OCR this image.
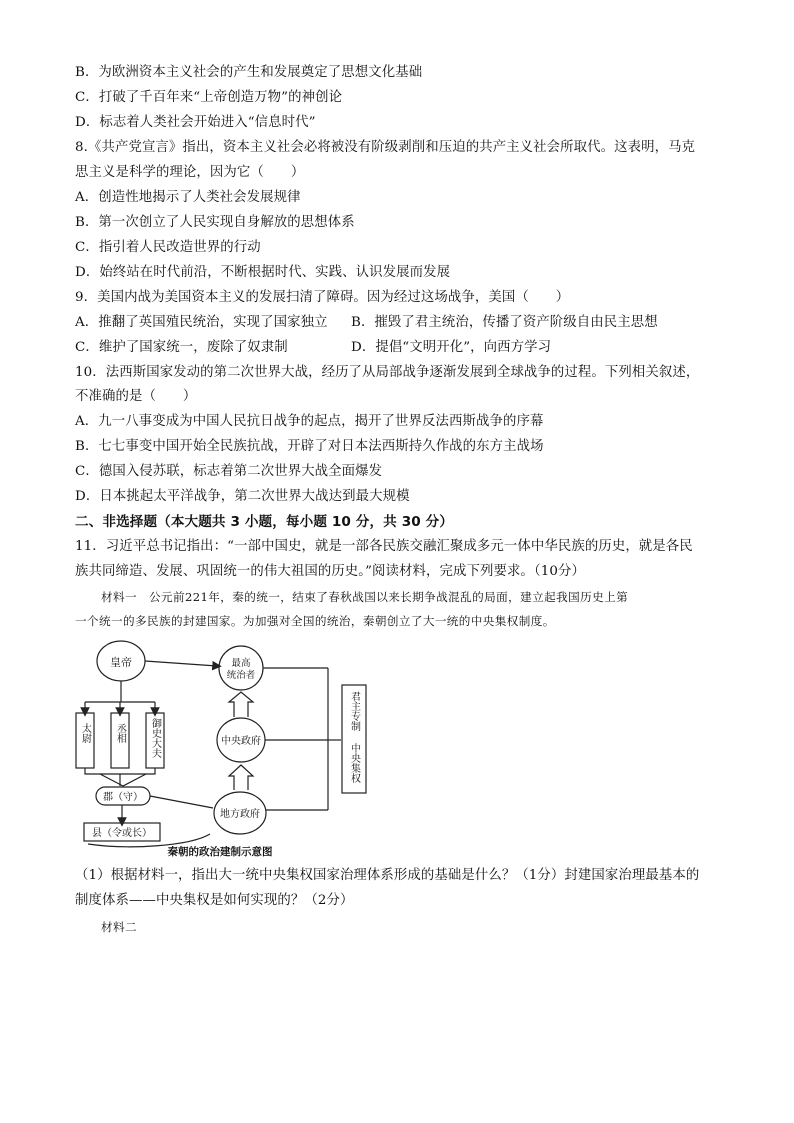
B．为欧洲资本主义社会的产生和发展奠定了思想文化基础
C．打破了千百年来“上帝创造万物”的神创论
D．标志着人类社会开始进入“信息时代”
8.《共产党宣言》指出，资本主义社会必将被没有阶级剥削和压迫的共产主义社会所取代。这表明，马克
思主义是科学的理论，因为它（　　）
A．创造性地揭示了人类社会发展规律
B．第一次创立了人民实现自身解放的思想体系
C．指引着人民改造世界的行动
D．始终站在时代前沿，不断根据时代、实践、认识发展而发展
9．美国内战为美国资本主义的发展扫清了障碍。因为经过这场战争，美国（　　）
A．推翻了英国殖民统治，实现了国家独立 B．摧毁了君主统治，传播了资产阶级自由民主思想
C．维护了国家统一，废除了奴隶制	D．提倡“文明开化”，向西方学习
10．法西斯国家发动的第二次世界大战，经历了从局部战争逐渐发展到全球战争的过程。下列相关叙述，
不准确的是（　　）
A．九一八事变成为中国人民抗日战争的起点，揭开了世界反法西斯战争的序幕
B．七七事变中国开始全民族抗战，开辟了对日本法西斯持久作战的东方主战场
C．德国入侵苏联，标志着第二次世界大战全面爆发
D．日本挑起太平洋战争，第二次世界大战达到最大规模
二、非选择题（本大题共 3 小题，每小题 10 分，共 30 分）
11．习近平总书记指出：“一部中国史，就是一部各民族交融汇聚成多元一体中华民族的历史，就是各民
族共同缔造、发展、巩固统一的伟大祖国的历史。”阅读材料，完成下列要求。（10分）
材料一　公元前221年，秦的统一，结束了春秋战国以来长期争战混乱的局面，建立起我国历史上第
一个统一的多民族的封建国家。为加强对全国的统治，秦朝创立了大一统的中央集权制度。
皇帝	最高
统治者
中央政府
地方政府
郡（守）
县（令或长）
秦朝的政治建制示意图
太尉 丞相 御史大夫
君主专制
中央集权
（1）根据材料一，指出大一统中央集权国家治理体系形成的基础是什么？（1分）封建国家治理最基本的
制度体系——中央集权是如何实现的？（2分）
材料二
